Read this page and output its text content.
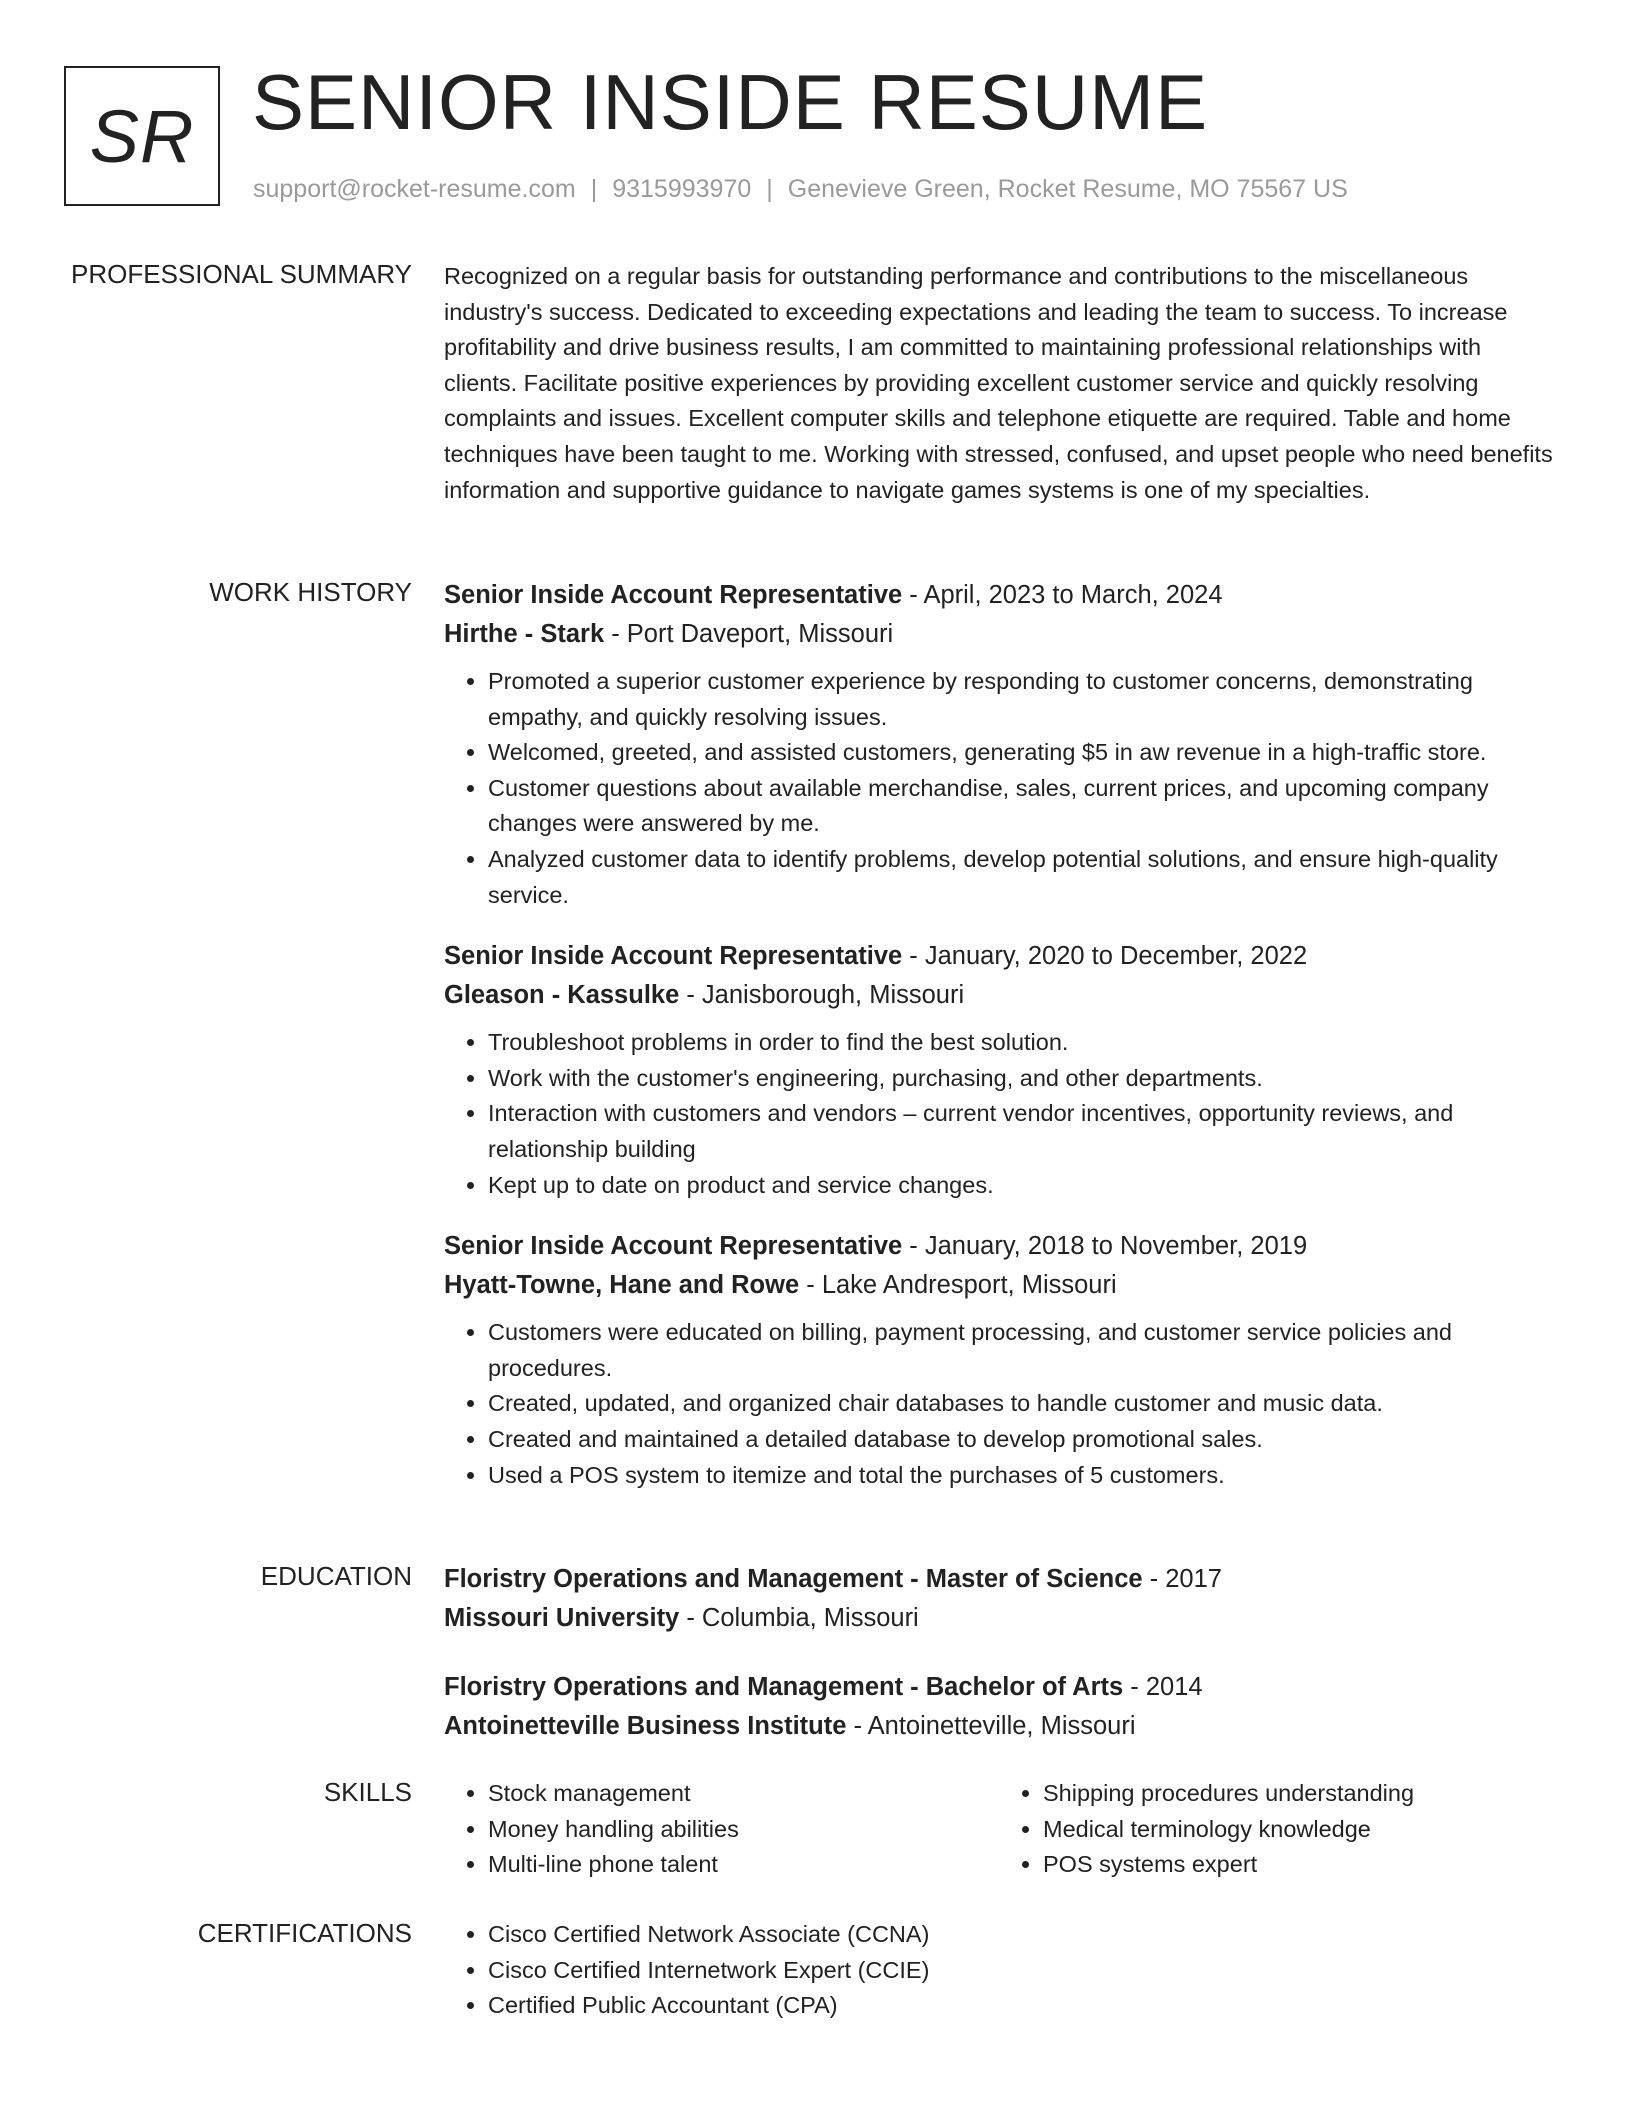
SR SENIOR INSIDE RESUME
support@rocket-resume.com | 9315993970 | Genevieve Green, Rocket Resume, MO 75567 US
PROFESSIONAL SUMMARY Recognized on a regular basis for outstanding performance and contributions to the miscellaneous industry's success. Dedicated to exceeding expectations and leading the team to success. To increase profitability and drive business results, I am committed to maintaining professional relationships with clients. Facilitate positive experiences by providing excellent customer service and quickly resolving complaints and issues. Excellent computer skills and telephone etiquette are required. Table and home techniques have been taught to me. Working with stressed, confused, and upset people who need benefits information and supportive guidance to navigate games systems is one of my specialties.

WORK HISTORY Senior Inside Account Representative - April, 2023 to March, 2024
Hirthe - Stark - Port Daveport, Missouri
• Promoted a superior customer experience by responding to customer concerns, demonstrating empathy, and quickly resolving issues.
• Welcomed, greeted, and assisted customers, generating $5 in aw revenue in a high-traffic store.
• Customer questions about available merchandise, sales, current prices, and upcoming company changes were answered by me.
• Analyzed customer data to identify problems, develop potential solutions, and ensure high-quality service.
Senior Inside Account Representative - January, 2020 to December, 2022
Gleason - Kassulke - Janisborough, Missouri
• Troubleshoot problems in order to find the best solution.
• Work with the customer's engineering, purchasing, and other departments.
• Interaction with customers and vendors – current vendor incentives, opportunity reviews, and relationship building
• Kept up to date on product and service changes.
Senior Inside Account Representative - January, 2018 to November, 2019
Hyatt-Towne, Hane and Rowe - Lake Andresport, Missouri
• Customers were educated on billing, payment processing, and customer service policies and procedures.
• Created, updated, and organized chair databases to handle customer and music data.
• Created and maintained a detailed database to develop promotional sales.
• Used a POS system to itemize and total the purchases of 5 customers.
EDUCATION Floristry Operations and Management - Master of Science - 2017
Missouri University - Columbia, Missouri
Floristry Operations and Management - Bachelor of Arts - 2014
Antoinetteville Business Institute - Antoinetteville, Missouri
SKILLS	• Stock management
• Money handling abilities
• Multi-line phone talent
• Shipping procedures understanding
• Medical terminology knowledge
• POS systems expert
CERTIFICATIONS	• Cisco Certified Network Associate (CCNA)
• Cisco Certified Internetwork Expert (CCIE)
• Certified Public Accountant (CPA)
